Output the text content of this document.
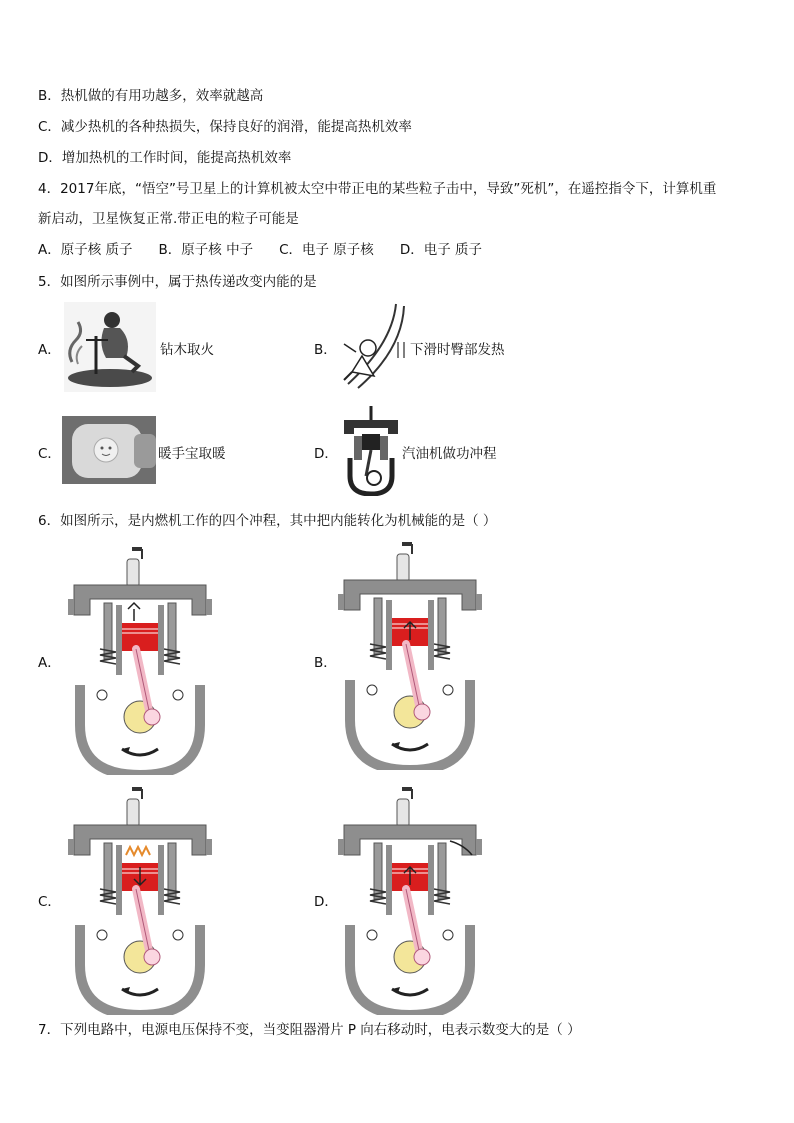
B．热机做的有用功越多，效率就越高
C．减少热机的各种热损失，保持良好的润滑，能提高热机效率
D．增加热机的工作时间，能提高热机效率
4．2017年底，“悟空”号卫星上的计算机被太空中带正电的某些粒子击中，导致”死机”，在遥控指令下，计算机重
新启动，卫星恢复正常.带正电的粒子可能是
A．原子核 质子 B．原子核 中子 C．电子 原子核 D．电子 质子
5．如图所示事例中，属于热传递改变内能的是
A．	钻木取火	B．	下滑时臀部发热
C．	暖手宝取暖	D．	汽油机做功冲程
6．如图所示，是内燃机工作的四个冲程，其中把内能转化为机械能的是（ ）
A．	B．
C．	D．
7．下列电路中，电源电压保持不变，当变阻器滑片 P 向右移动时，电表示数变大的是（ ）
